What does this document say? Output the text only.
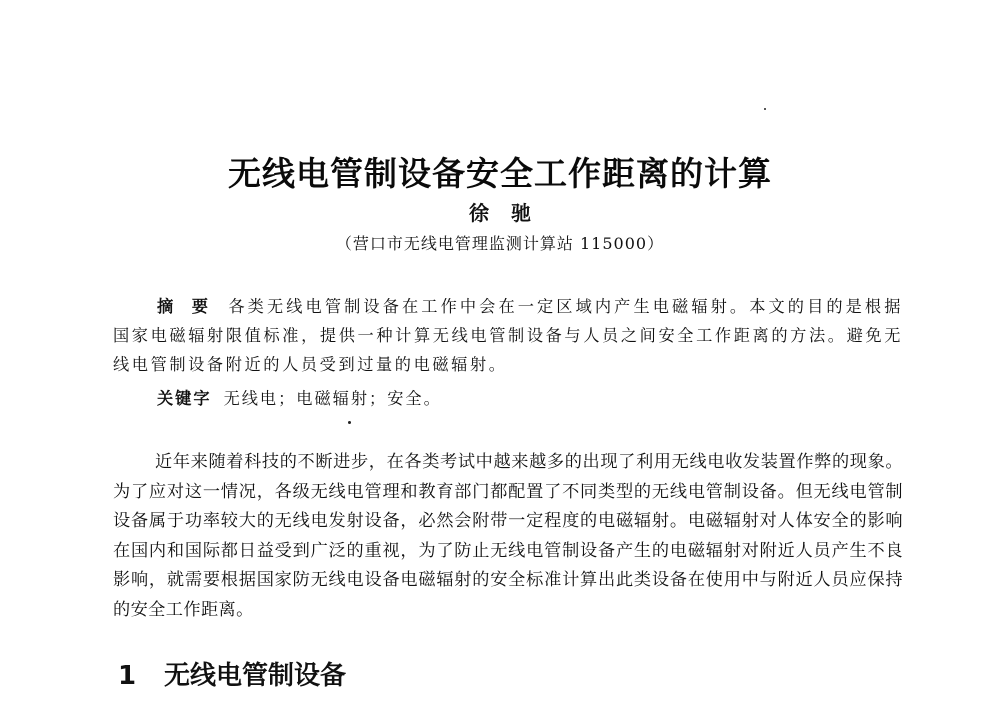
无线电管制设备安全工作距离的计算
徐驰
（营口市无线电管理监测计算站 115000）
摘要 各类无线电管制设备在工作中会在一定区域内产生电磁辐射。本文的目的是根据国家电磁辐射限值标准，提供一种计算无线电管制设备与人员之间安全工作距离的方法。避免无线电管制设备附近的人员受到过量的电磁辐射。
关键字 无线电；电磁辐射；安全。
近年来随着科技的不断进步，在各类考试中越来越多的出现了利用无线电收发装置作弊的现象。为了应对这一情况，各级无线电管理和教育部门都配置了不同类型的无线电管制设备。但无线电管制设备属于功率较大的无线电发射设备，必然会附带一定程度的电磁辐射。电磁辐射对人体安全的影响在国内和国际都日益受到广泛的重视，为了防止无线电管制设备产生的电磁辐射对附近人员产生不良影响，就需要根据国家防无线电设备电磁辐射的安全标准计算出此类设备在使用中与附近人员应保持的安全工作距离。
1 无线电管制设备
